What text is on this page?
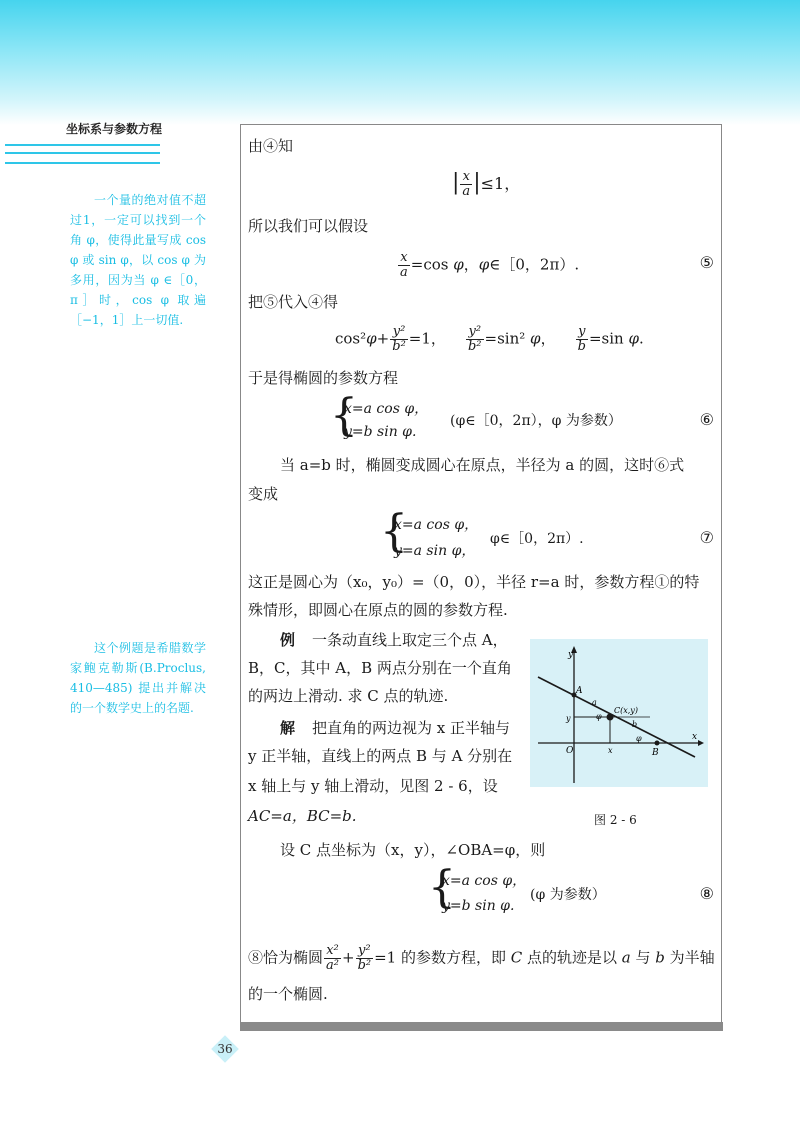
坐标系与参数方程
一个量的绝对值不超过1，一定可以找到一个角 φ，使得此量写成 cos φ 或 sin φ，以 cos φ 为多用，因为当 φ ∈［0，π］时，cos φ 取遍［−1，1］上一切值.
这个例题是希腊数学家鲍克勒斯(B.Proclus, 410—485) 提出并解决的一个数学史上的名题.
由④知
| $\frac{x}{a} |\le 1$，
所以我们可以假设
$\frac{x}{a} =\cos$ φ，φ∈［0，2π）.	⑤
把⑤代入④得
$\cos^2\varphi+ \frac{\text{y²}}{\text{b²}} =1$， $\frac{\text{y²}}{\text{b²}} =\sin^2$ φ， $\frac{y}{b} =\sin$ φ.
于是得椭圆的参数方程
{
x=a cos φ，
y=b sin φ.
(φ∈［0，2π），φ 为参数）	⑥
当 a=b 时，椭圆变成圆心在原点，半径为 a 的圆，这时⑥式
变成
{
x=a cos φ，
y=a sin φ，
φ∈［0，2π）.	⑦
这正是圆心为（x₀，y₀）=（0，0），半径 r=a 时，参数方程①的特
殊情形，即圆心在原点的圆的参数方程.
例 一条动直线上取定三个点 A，
B，C，其中 A，B 两点分别在一个直角
的两边上滑动. 求 C 点的轨迹.
解 把直角的两边视为 x 正半轴与
y 正半轴，直线上的两点 B 与 A 分别在
x 轴上与 y 轴上滑动，见图 2 - 6，设
AC=a，BC=b.
y
x
O
A
B
C(x,y)
a
b
φ
φ
y
x
图 2 - 6
设 C 点坐标为（x，y），∠OBA=φ，则
{
x=a cos φ，
y=b sin φ.
(φ 为参数）	⑧
⑧恰为椭圆 $\frac{\text{x²}}{\text{a²}} + \frac{\text{y²}}{\text{b²}} =1$ 的参数方程，即 C 点的轨迹是以 a 与 b 为半轴
的一个椭圆.
36
